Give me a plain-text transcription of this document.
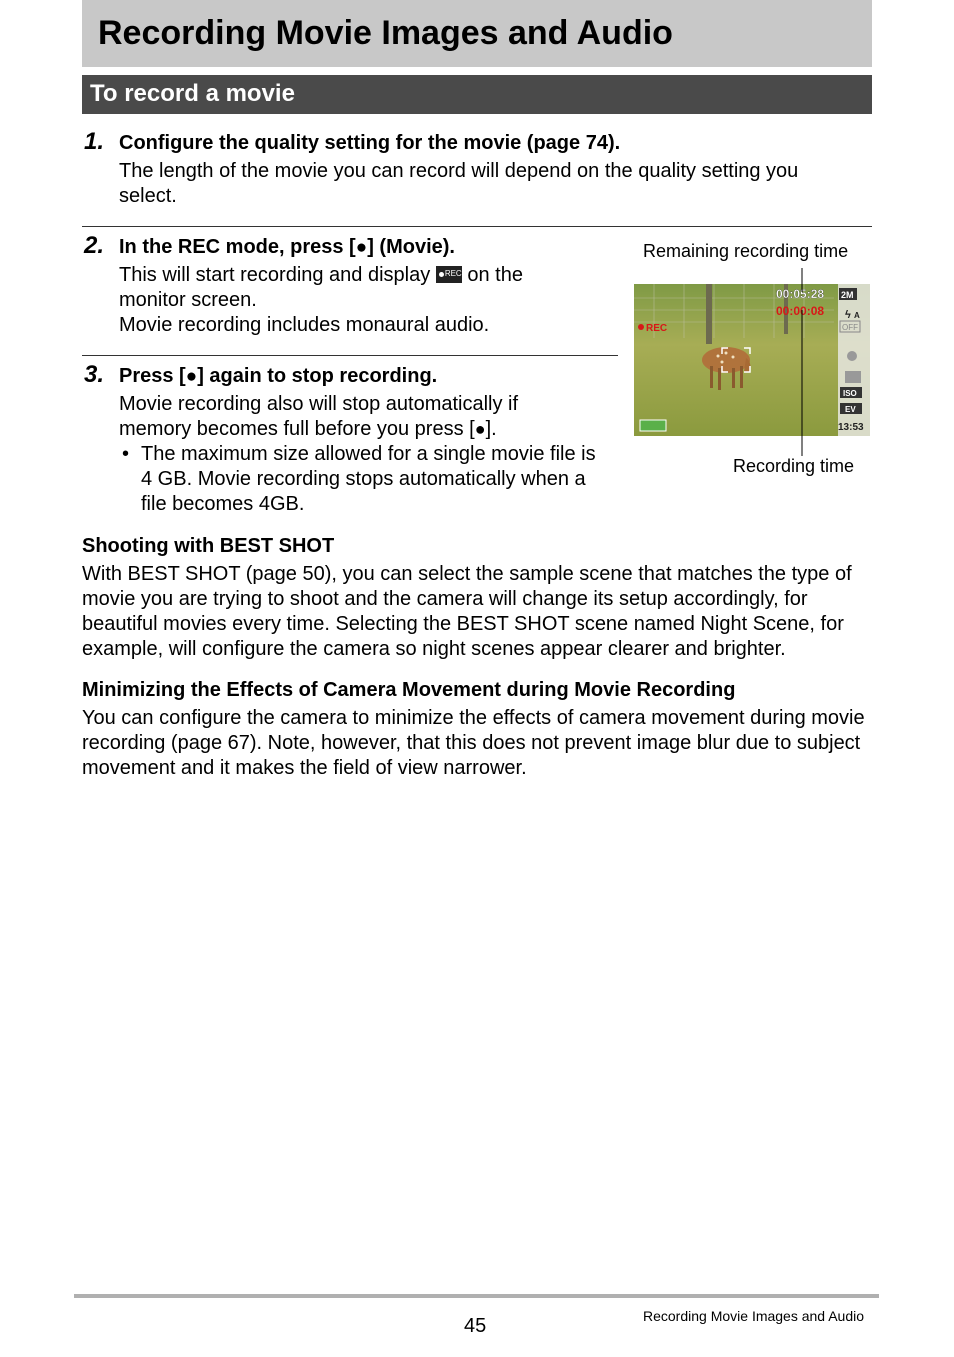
Recording Movie Images and Audio
To record a movie
1. Configure the quality setting for the movie (page 74).
The length of the movie you can record will depend on the quality setting you select.
2. In the REC mode, press [●] (Movie).
This will start recording and display REC on the monitor screen.
Movie recording includes monaural audio.
3. Press [●] again to stop recording.
Movie recording also will stop automatically if memory becomes full before you press [●].
• The maximum size allowed for a single movie file is 4 GB. Movie recording stops automatically when a file becomes 4GB.
Remaining recording time
Recording time
2M
ϟ A
OFF
ISO
EV
13:53
00:05:28
00:00:08
REC
Shooting with BEST SHOT
With BEST SHOT (page 50), you can select the sample scene that matches the type of movie you are trying to shoot and the camera will change its setup accordingly, for beautiful movies every time. Selecting the BEST SHOT scene named Night Scene, for example, will configure the camera so night scenes appear clearer and brighter.
Minimizing the Effects of Camera Movement during Movie Recording
You can configure the camera to minimize the effects of camera movement during movie recording (page 67). Note, however, that this does not prevent image blur due to subject movement and it makes the field of view narrower.
45	Recording Movie Images and Audio
